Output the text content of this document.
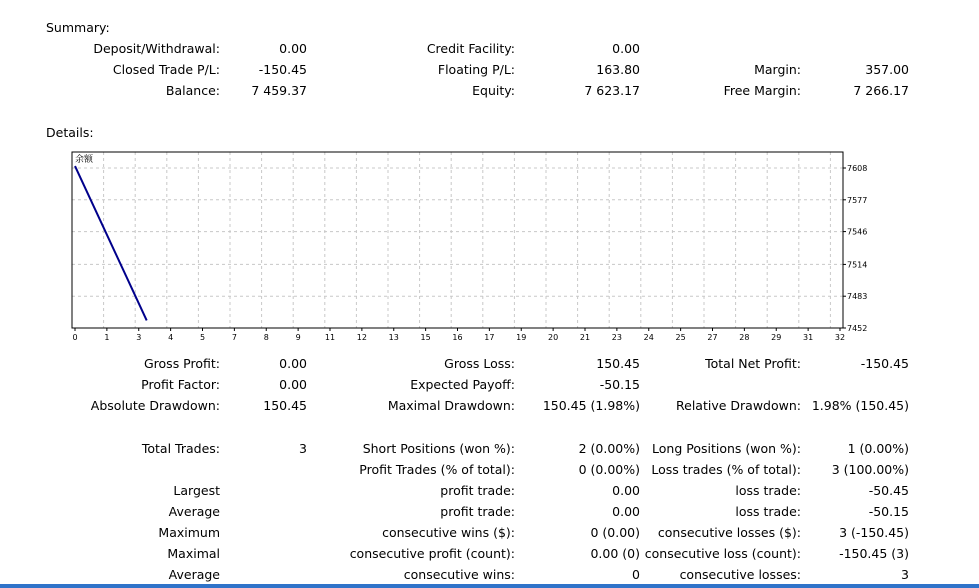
Summary:
Deposit/Withdrawal:	0.00	Credit Facility:	0.00
Closed Trade P/L:	-150.45	Floating P/L:	163.80	Margin:	357.00
Balance:	7 459.37	Equity:	7 623.17	Free Margin:	7 266.17
Details:
0	1	3	4	5	7	8	9	11	12	13	15	16	17	19	20	21	23	24	25	27	28	29	31	32
7608
7577
7546
7514
7483
7452
余额
Gross Profit:	0.00	Gross Loss:	150.45	Total Net Profit:	-150.45
Profit Factor:	0.00	Expected Payoff:	-50.15
Absolute Drawdown:	150.45	Maximal Drawdown: 150.45 (1.98%)	Relative Drawdown: 1.98% (150.45)
Total Trades:	3	Short Positions (won %):	2 (0.00%) Long Positions (won %):	1 (0.00%)
Profit Trades (% of total):	0 (0.00%) Loss trades (% of total): 3 (100.00%)
Largest	profit trade:	0.00	loss trade:	-50.45
Average	profit trade:	0.00	loss trade:	-50.15
Maximum	consecutive wins ($):	0 (0.00) consecutive losses ($):	3 (-150.45)
Maximal	consecutive profit (count):	0.00 (0) consecutive loss (count):	-150.45 (3)
Average	consecutive wins:	0	consecutive losses:	3
